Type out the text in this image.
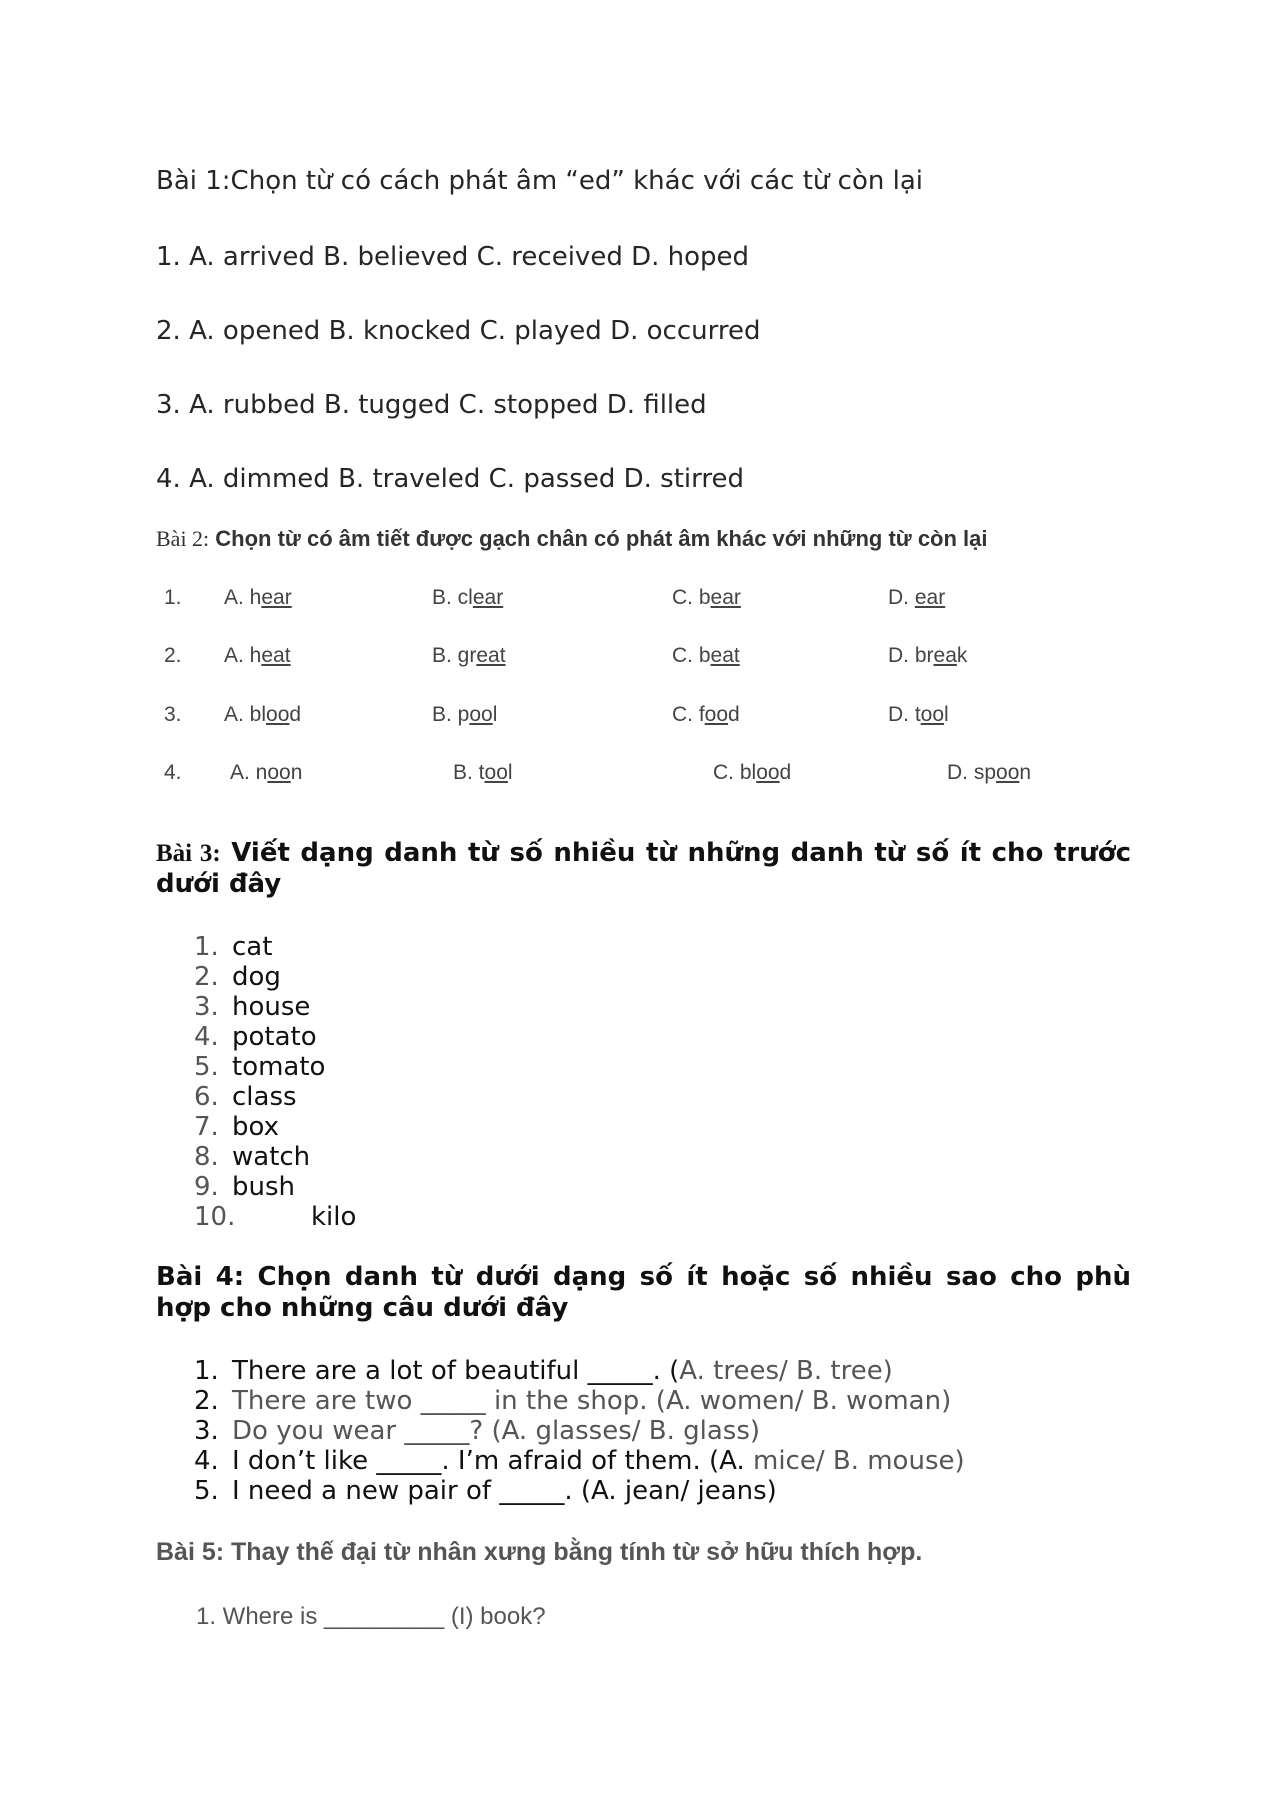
Bài 1:Chọn từ có cách phát âm “ed” khác với các từ còn lại
1. A. arrived B. believed C. received D. hoped
2. A. opened B. knocked C. played D. occurred
3. A. rubbed B. tugged C. stopped D. filled
4. A. dimmed B. traveled C. passed D. stirred
Bài 2: Chọn từ có âm tiết được gạch chân có phát âm khác với những từ còn lại
1. A. hear	B. clear	C. bear	D. ear
2. A. heat	B. great	C. beat	D. break
3. A. blood	B. pool	C. food	D. tool
4. A. noon	B. tool	C. blood	D. spoon
Bài 3: Viết dạng danh từ số nhiều từ những danh từ số ít cho trước dưới đây
1. cat
2. dog
3. house
4. potato
5. tomato
6. class
7. box
8. watch
9. bush
10.	kilo
Bài 4: Chọn danh từ dưới dạng số ít hoặc số nhiều sao cho phù hợp cho những câu dưới đây
1. There are a lot of beautiful _____. (A. trees/ B. tree)
2. There are two _____ in the shop. (A. women/ B. woman)
3. Do you wear _____? (A. glasses/ B. glass)
4. I don’t like _____. I’m afraid of them. (A. mice/ B. mouse)
5. I need a new pair of _____. (A. jean/ jeans)
Bài 5: Thay thế đại từ nhân xưng bằng tính từ sở hữu thích hợp.
1. Where is _________ (I) book?
